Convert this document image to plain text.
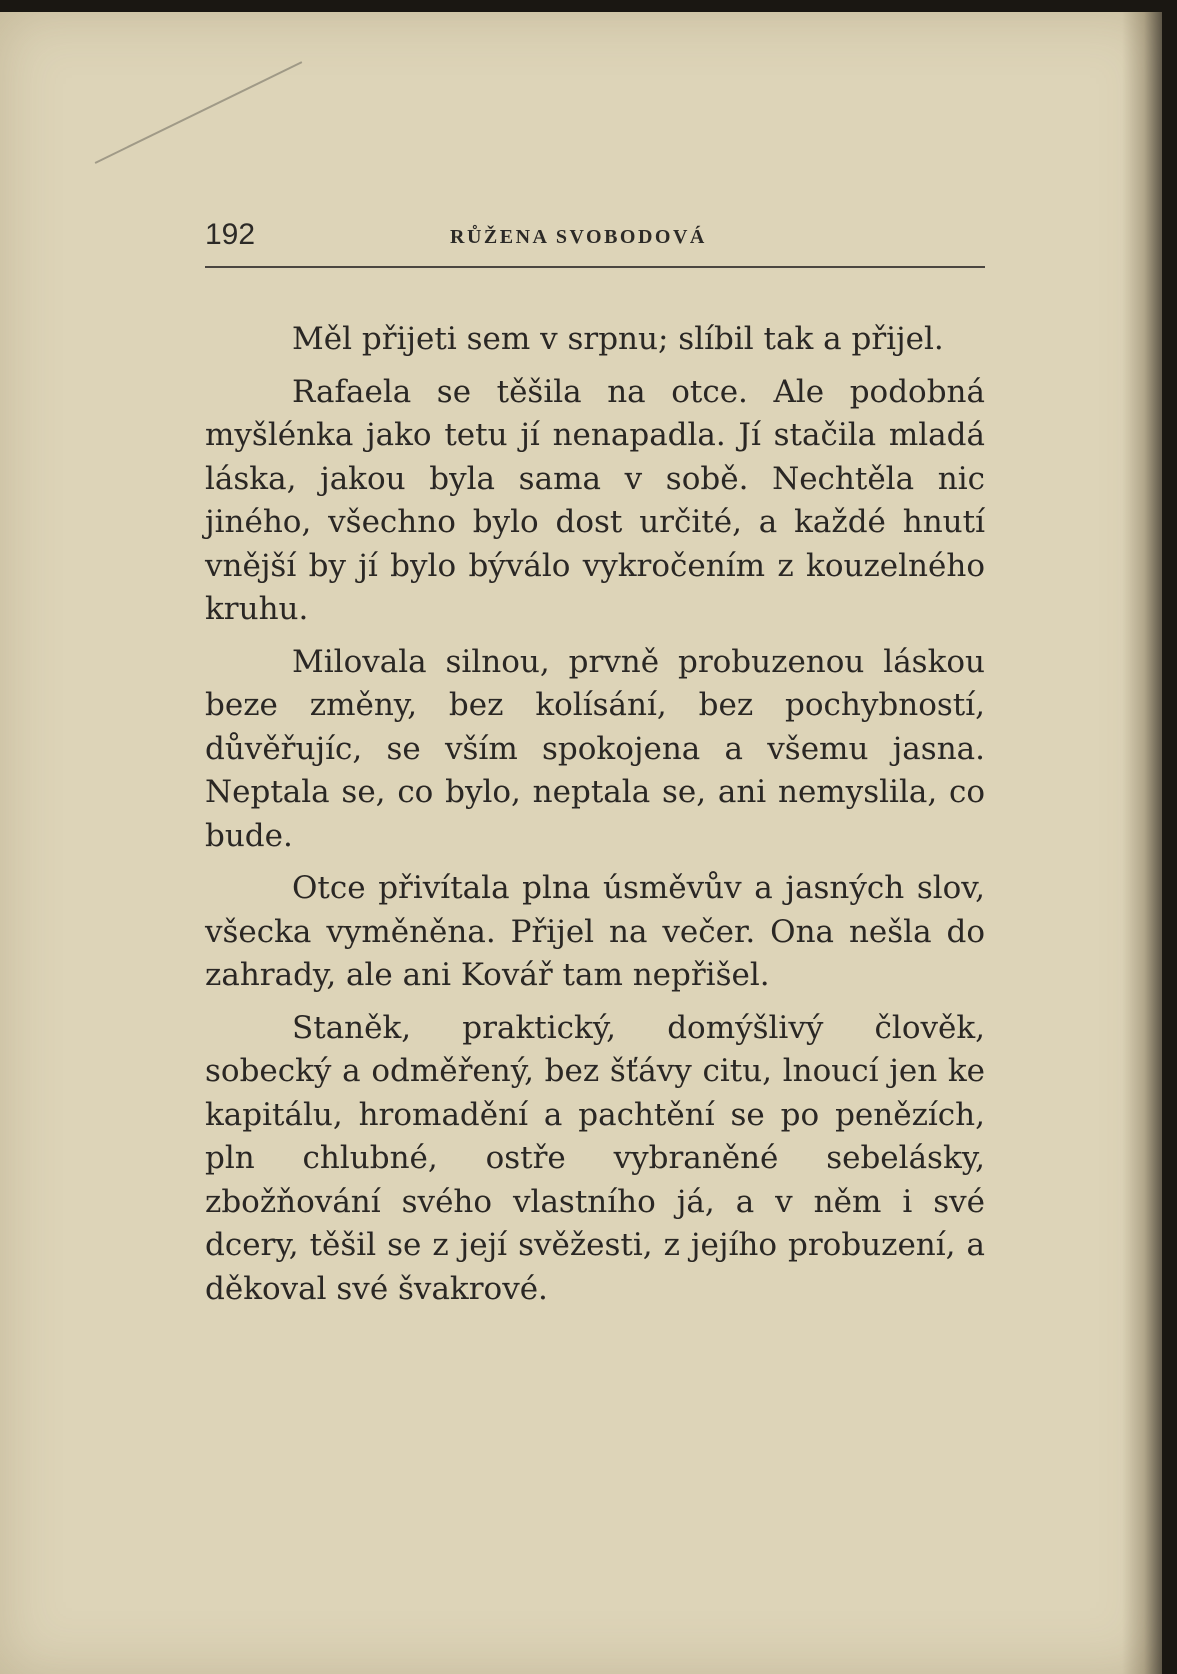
192	RŮŽENA SVOBODOVÁ

Měl přijeti sem v srpnu; slíbil tak a přijel.

Rafaela se těšila na otce. Ale podobná myšlénka jako tetu jí nenapadla. Jí stačila mladá láska, jakou byla sama v sobě. Nechtěla nic jiného, všechno bylo dost určité, a každé hnutí vnější by jí bylo býválo vykročením z kouzelného kruhu.

Milovala silnou, prvně probuzenou láskou beze změny, bez kolísání, bez pochybností, důvěřujíc, se vším spokojena a všemu jasna. Neptala se, co bylo, neptala se, ani nemyslila, co bude.

Otce přivítala plna úsměvův a jasných slov, všecka vyměněna. Přijel na večer. Ona nešla do zahrady, ale ani Kovář tam nepřišel.

Staněk, praktický, domýšlivý člověk, sobecký a odměřený, bez šťávy citu, lnoucí jen ke kapitálu, hromadění a pachtění se po penězích, pln chlubné, ostře vybraněné sebelásky, zbožňování svého vlastního já, a v něm i své dcery, těšil se z její svěžesti, z jejího probuzení, a děkoval své švakrové.
